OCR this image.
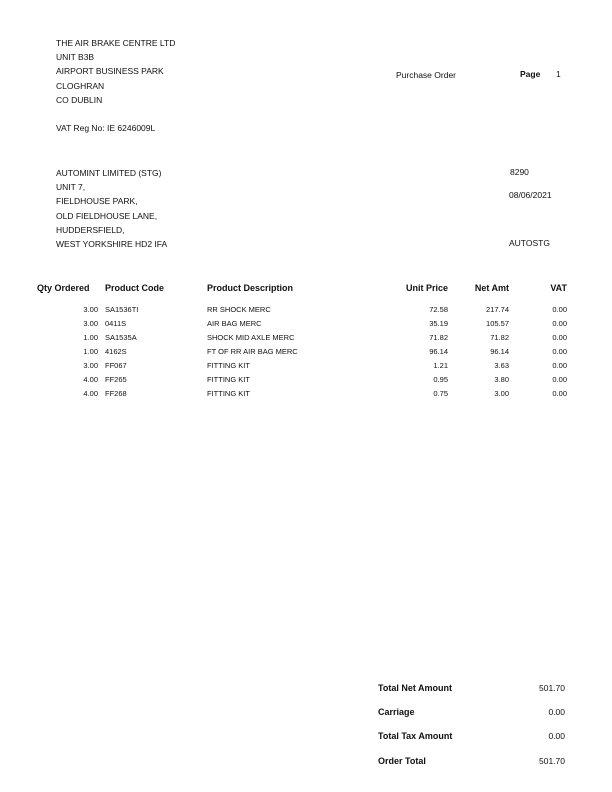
THE AIR BRAKE CENTRE LTD
UNIT B3B
AIRPORT BUSINESS PARK
CLOGHRAN
CO DUBLIN
VAT Reg No: IE 6246009L
Purchase Order	Page 1
AUTOMINT LIMITED (STG)
UNIT 7,
FIELDHOUSE PARK,
OLD FIELDHOUSE LANE,
HUDDERSFIELD,
WEST YORKSHIRE HD2 IFA
8290
08/06/2021
AUTOSTG
Qty Ordered Product Code	Product Description	Unit Price	Net Amt	VAT
3.00 SA1536TI	RR SHOCK MERC	72.58	217.74	0.00
3.00 0411S	AIR BAG MERC	35.19	105.57	0.00
1.00 SA1535A	SHOCK MID AXLE MERC	71.82	71.82	0.00
1.00 4162S	FT OF RR AIR BAG MERC	96.14	96.14	0.00
3.00 FF067	FITTING KIT	1.21	3.63	0.00
4.00 FF265	FITTING KIT	0.95	3.80	0.00
4.00 FF268	FITTING KIT	0.75	3.00	0.00
Total Net Amount	501.70
Carriage	0.00
Total Tax Amount	0.00
Order Total	501.70
